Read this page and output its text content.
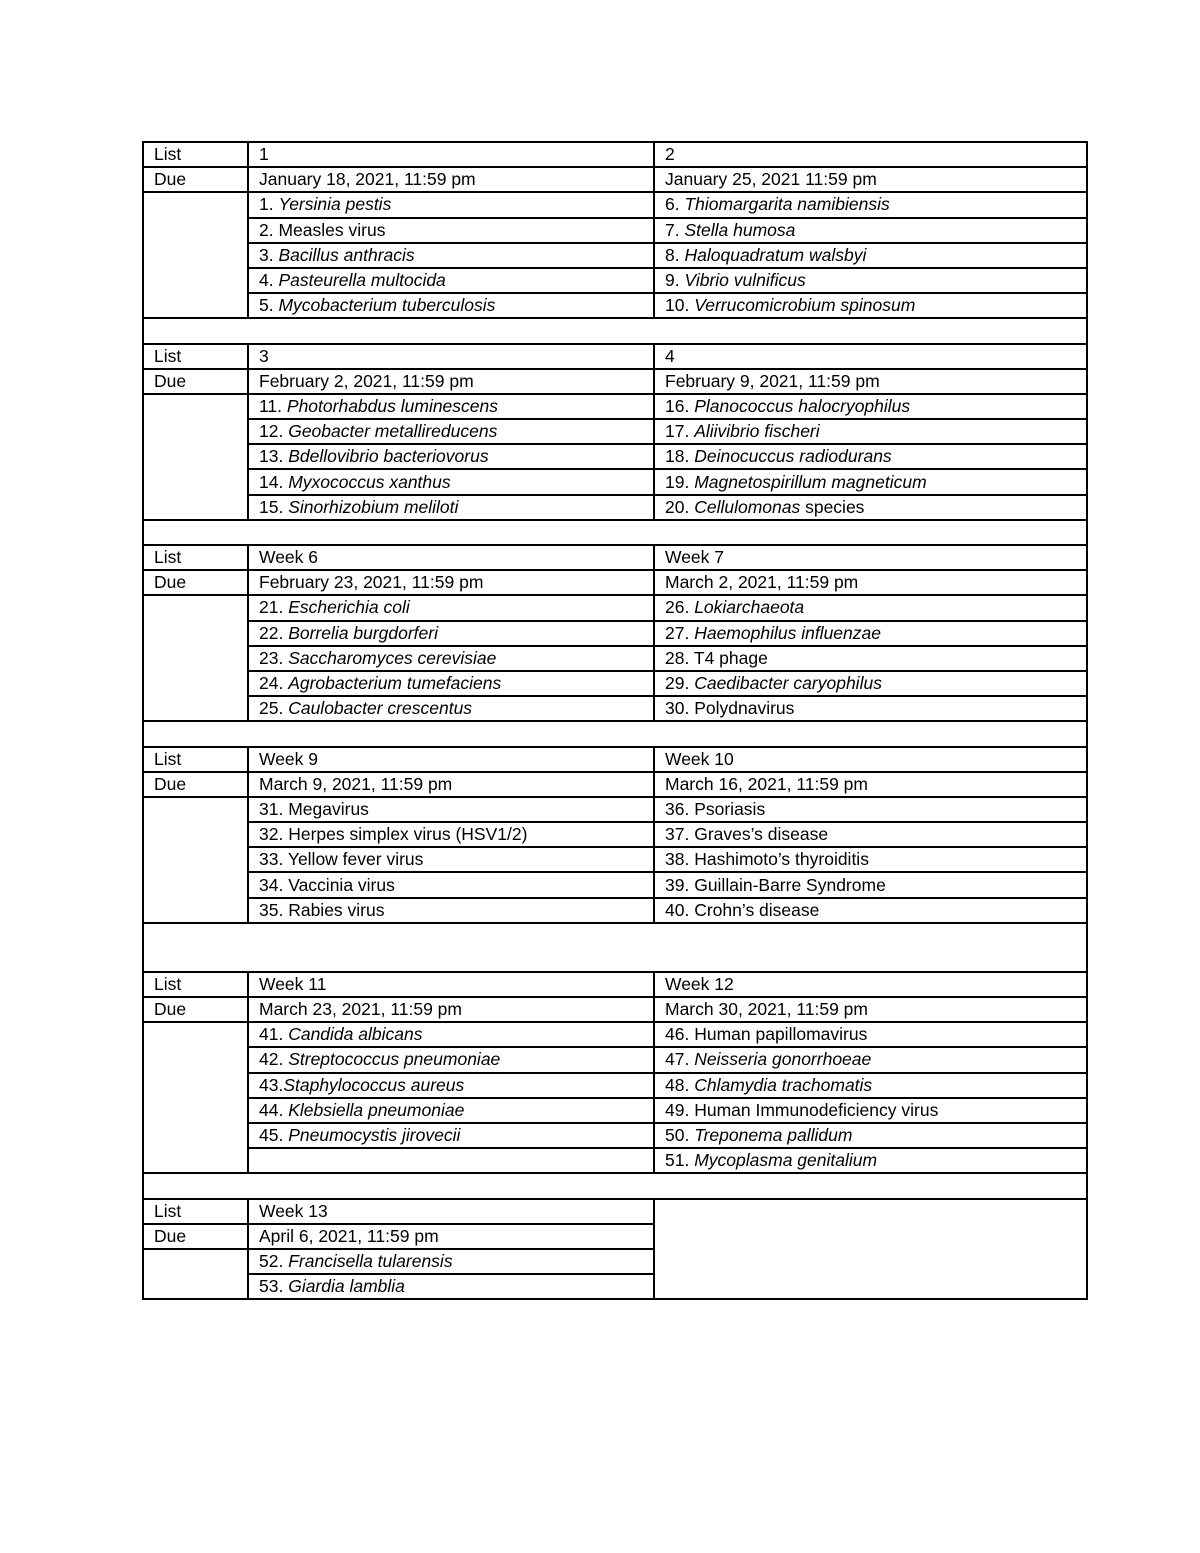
List	1	2
Due	January 18, 2021, 11:59 pm	January 25, 2021 11:59 pm
	1. Yersinia pestis	6. Thiomargarita namibiensis
	2. Measles virus	7. Stella humosa
	3. Bacillus anthracis	8. Haloquadratum walsbyi
	4. Pasteurella multocida	9. Vibrio vulnificus
	5. Mycobacterium tuberculosis	10. Verrucomicrobium spinosum

List	3	4
Due	February 2, 2021, 11:59 pm	February 9, 2021, 11:59 pm
	11. Photorhabdus luminescens	16. Planococcus halocryophilus
	12. Geobacter metallireducens	17. Aliivibrio fischeri
	13. Bdellovibrio bacteriovorus	18. Deinocuccus radiodurans
	14. Myxococcus xanthus	19. Magnetospirillum magneticum
	15. Sinorhizobium meliloti	20. Cellulomonas species

List	Week 6	Week 7
Due	February 23, 2021, 11:59 pm	March 2, 2021, 11:59 pm
	21. Escherichia coli	26. Lokiarchaeota
	22. Borrelia burgdorferi	27. Haemophilus influenzae
	23. Saccharomyces cerevisiae	28. T4 phage
	24. Agrobacterium tumefaciens	29. Caedibacter caryophilus
	25. Caulobacter crescentus	30. Polydnavirus

List	Week 9	Week 10
Due	March 9, 2021, 11:59 pm	March 16, 2021, 11:59 pm
	31. Megavirus	36. Psoriasis
	32. Herpes simplex virus (HSV1/2)	37. Graves’s disease
	33. Yellow fever virus	38. Hashimoto’s thyroiditis
	34. Vaccinia virus	39. Guillain-Barre Syndrome
	35. Rabies virus	40. Crohn’s disease

List	Week 11	Week 12
Due	March 23, 2021, 11:59 pm	March 30, 2021, 11:59 pm
	41. Candida albicans	46. Human papillomavirus
	42. Streptococcus pneumoniae	47. Neisseria gonorrhoeae
	43.Staphylococcus aureus	48. Chlamydia trachomatis
	44. Klebsiella pneumoniae	49. Human Immunodeficiency virus
	45. Pneumocystis jirovecii	50. Treponema pallidum
		51. Mycoplasma genitalium

List	Week 13	
Due	April 6, 2021, 11:59 pm	
	52. Francisella tularensis	
	53. Giardia lamblia	
